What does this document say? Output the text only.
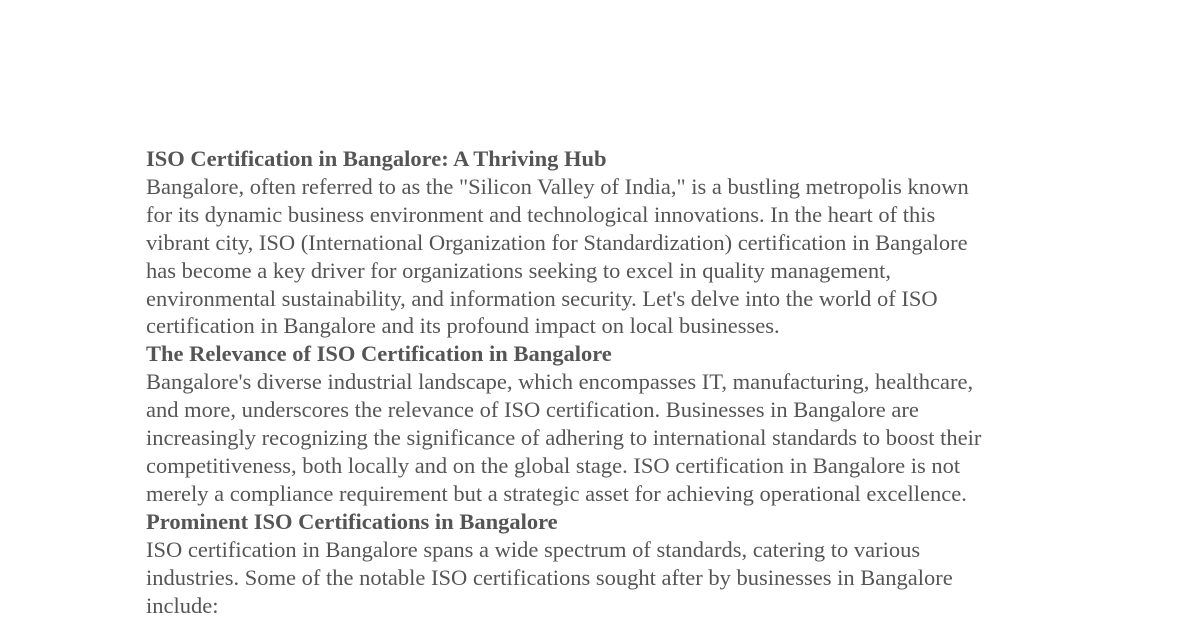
ISO Certification in Bangalore: A Thriving Hub

Bangalore, often referred to as the "Silicon Valley of India," is a bustling metropolis known

for its dynamic business environment and technological innovations. In the heart of this

vibrant city, ISO (International Organization for Standardization) certification in Bangalore

has become a key driver for organizations seeking to excel in quality management,

environmental sustainability, and information security. Let's delve into the world of ISO

certification in Bangalore and its profound impact on local businesses.

The Relevance of ISO Certification in Bangalore

Bangalore's diverse industrial landscape, which encompasses IT, manufacturing, healthcare,

and more, underscores the relevance of ISO certification. Businesses in Bangalore are

increasingly recognizing the significance of adhering to international standards to boost their

competitiveness, both locally and on the global stage. ISO certification in Bangalore is not

merely a compliance requirement but a strategic asset for achieving operational excellence.

Prominent ISO Certifications in Bangalore

ISO certification in Bangalore spans a wide spectrum of standards, catering to various

industries. Some of the notable ISO certifications sought after by businesses in Bangalore

include:
